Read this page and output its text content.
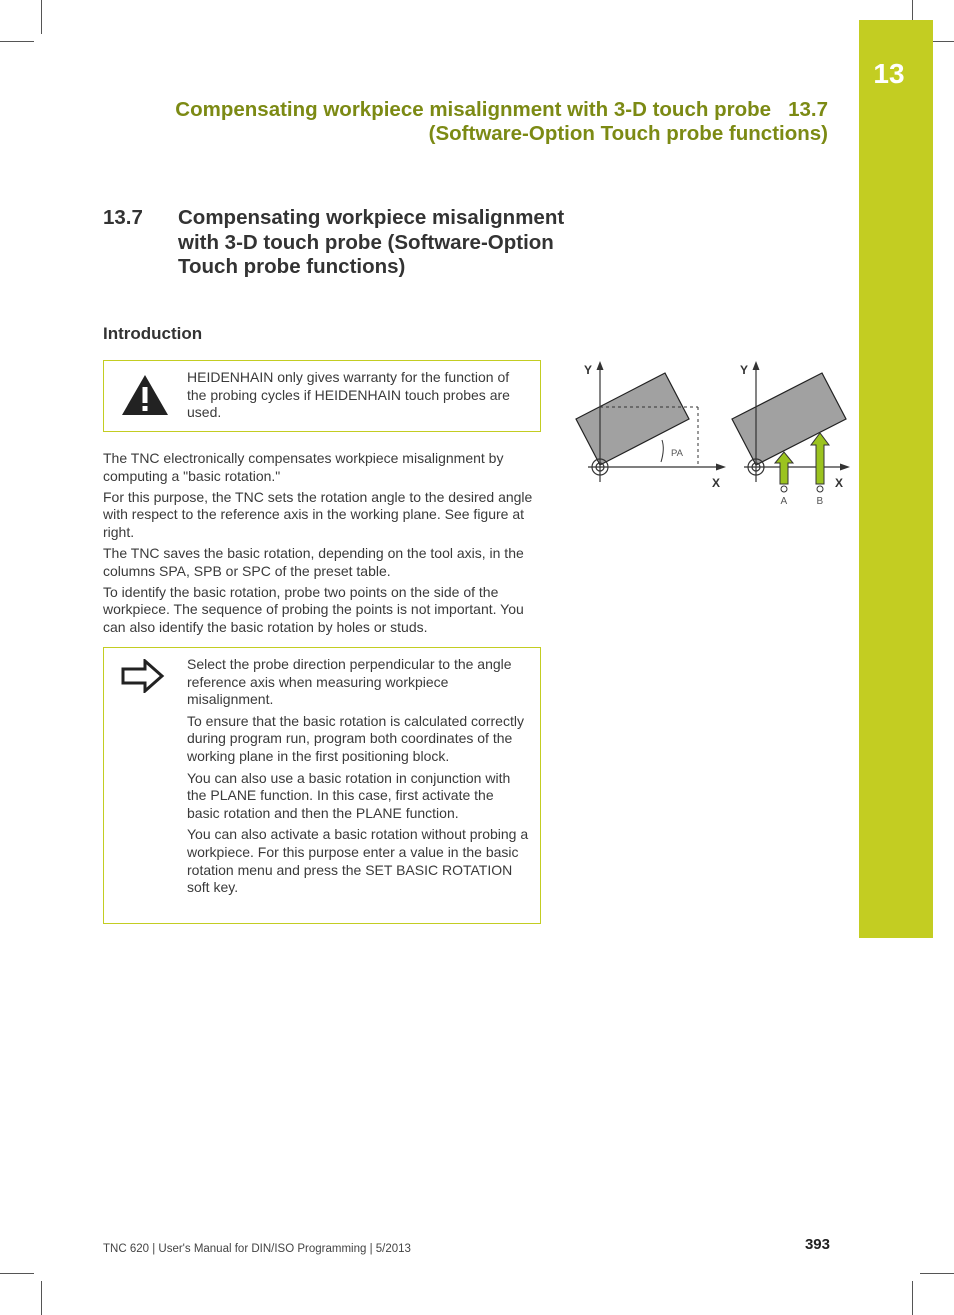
13
Compensating workpiece misalignment with 3-D touch probe   13.7
(Software-Option Touch probe functions)
13.7 Compensating workpiece misalignment with 3-D touch probe (Software-Option Touch probe functions)
Introduction

HEIDENHAIN only gives warranty for the function of the probing cycles if HEIDENHAIN touch probes are used.

The TNC electronically compensates workpiece misalignment by computing a "basic rotation."

For this purpose, the TNC sets the rotation angle to the desired angle with respect to the reference axis in the working plane. See figure at right.

The TNC saves the basic rotation, depending on the tool axis, in the columns SPA, SPB or SPC of the preset table.

To identify the basic rotation, probe two points on the side of the workpiece. The sequence of probing the points is not important. You can also identify the basic rotation by holes or studs.

Select the probe direction perpendicular to the angle reference axis when measuring workpiece misalignment.

To ensure that the basic rotation is calculated correctly during program run, program both coordinates of the working plane in the first positioning block.

You can also use a basic rotation in conjunction with the PLANE function. In this case, first activate the basic rotation and then the PLANE function.

You can also activate a basic rotation without probing a workpiece. For this purpose enter a value in the basic rotation menu and press the SET BASIC ROTATION soft key.

Y
X
PA
Y
X
A	B
TNC 620 | User's Manual for DIN/ISO Programming | 5/2013	393
